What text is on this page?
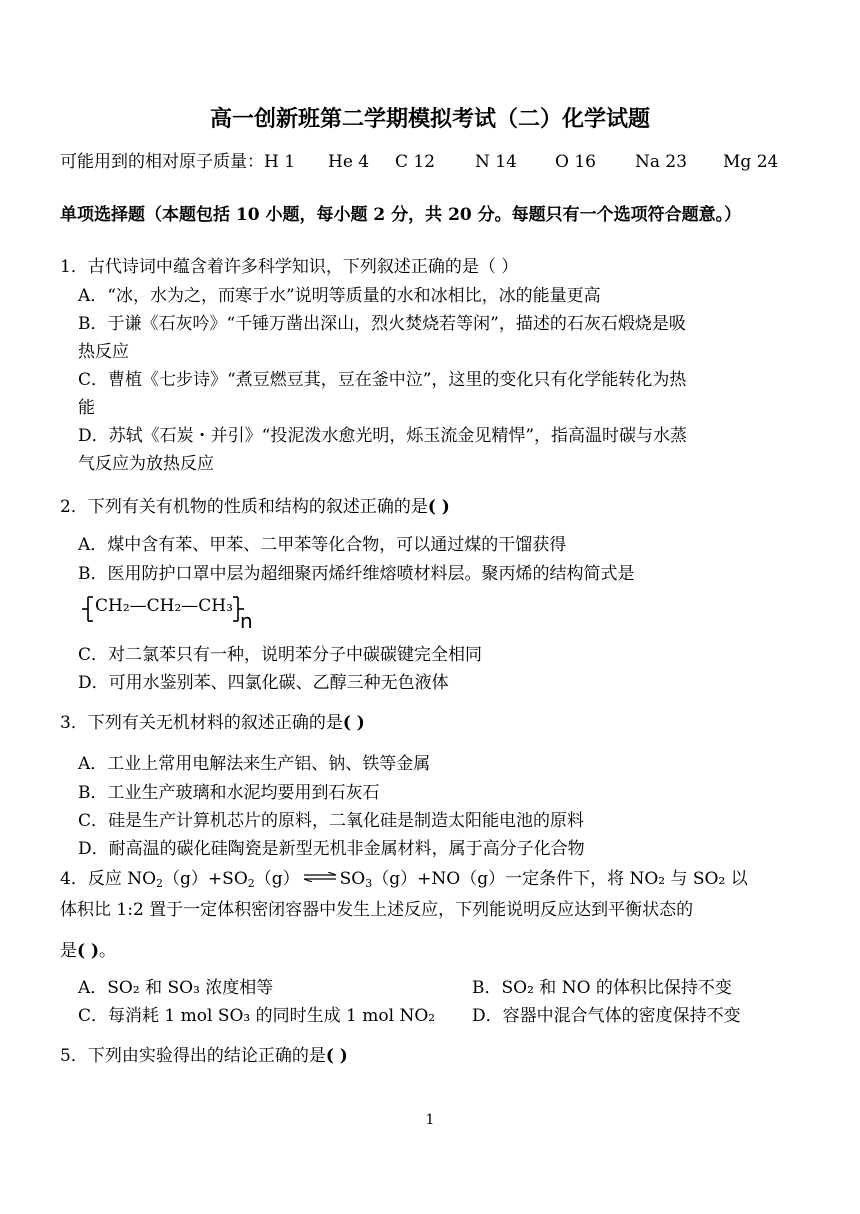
高一创新班第二学期模拟考试（二）化学试题
可能用到的相对原子质量：H 1 He 4 C 12 N 14 O 16 Na 23 Mg 24
单项选择题（本题包括 10 小题，每小题 2 分，共 20 分。每题只有一个选项符合题意。）
1．古代诗词中蕴含着许多科学知识，下列叙述正确的是（ ）
A．“冰，水为之，而寒于水”说明等质量的水和冰相比，冰的能量更高
B．于谦《石灰吟》“千锤万凿出深山，烈火焚烧若等闲”，描述的石灰石煅烧是吸
热反应
C．曹植《七步诗》“煮豆燃豆萁，豆在釜中泣”，这里的变化只有化学能转化为热
能
D．苏轼《石炭・并引》“投泥泼水愈光明，烁玉流金见精悍”，指高温时碳与水蒸
气反应为放热反应
2．下列有关有机物的性质和结构的叙述正确的是( )
A．煤中含有苯、甲苯、二甲苯等化合物，可以通过煤的干馏获得
B．医用防护口罩中层为超细聚丙烯纤维熔喷材料层。聚丙烯的结构简式是
CH₂—CH₂—CH₃
n
C．对二氯苯只有一种，说明苯分子中碳碳键完全相同
D．可用水鉴别苯、四氯化碳、乙醇三种无色液体
3．下列有关无机材料的叙述正确的是( )
A．工业上常用电解法来生产铝、钠、铁等金属
B．工业生产玻璃和水泥均要用到石灰石
C．硅是生产计算机芯片的原料，二氧化硅是制造太阳能电池的原料
D．耐高温的碳化硅陶瓷是新型无机非金属材料，属于高分子化合物
4．反应 $NO_2(g)+SO_2(g)$ ⇌ $SO_3(g)+NO(g)$一定条件下，将 NO₂ 与 SO₂ 以
体积比 1:2 置于一定体积密闭容器中发生上述反应，下列能说明反应达到平衡状态的
是( )。
A．SO₂ 和 SO₃ 浓度相等	B．SO₂ 和 NO 的体积比保持不变
C．每消耗 1 mol SO₃ 的同时生成 1 mol NO₂ D．容器中混合气体的密度保持不变
5．下列由实验得出的结论正确的是( )
1
